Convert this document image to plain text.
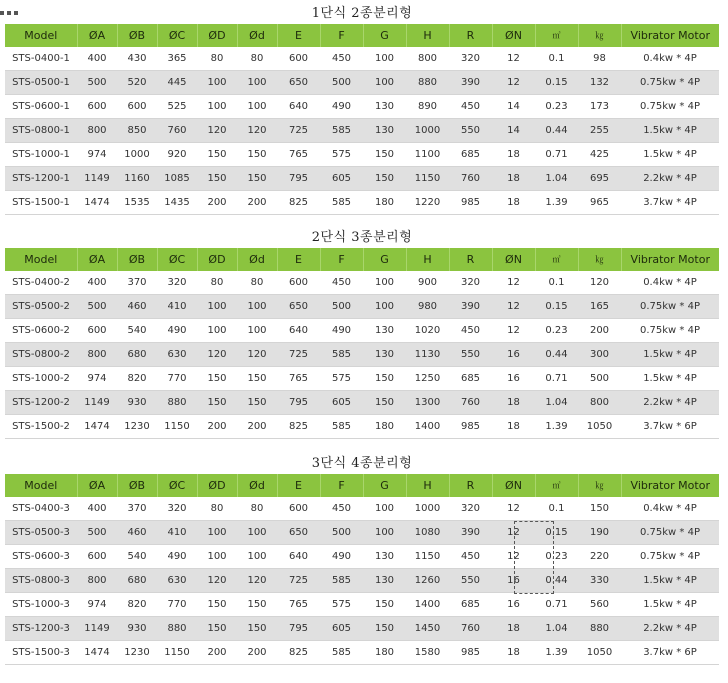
1단식 2종분리형
Model	ØA	ØB	ØC	ØD	Ød	E	F	G	H	R	ØN	㎥	㎏	Vibrator Motor
STS-0400-1	400	430	365	80	80	600	450	100	800	320	12	0.1	98	0.4kw * 4P
STS-0500-1	500	520	445	100	100	650	500	100	880	390	12	0.15	132	0.75kw * 4P
STS-0600-1	600	600	525	100	100	640	490	130	890	450	14	0.23	173	0.75kw * 4P
STS-0800-1	800	850	760	120	120	725	585	130	1000	550	14	0.44	255	1.5kw * 4P
STS-1000-1	974	1000	920	150	150	765	575	150	1100	685	18	0.71	425	1.5kw * 4P
STS-1200-1	1149	1160	1085	150	150	795	605	150	1150	760	18	1.04	695	2.2kw * 4P
STS-1500-1	1474	1535	1435	200	200	825	585	180	1220	985	18	1.39	965	3.7kw * 4P
2단식 3종분리형
Model	ØA	ØB	ØC	ØD	Ød	E	F	G	H	R	ØN	㎥	㎏	Vibrator Motor
STS-0400-2	400	370	320	80	80	600	450	100	900	320	12	0.1	120	0.4kw * 4P
STS-0500-2	500	460	410	100	100	650	500	100	980	390	12	0.15	165	0.75kw * 4P
STS-0600-2	600	540	490	100	100	640	490	130	1020	450	12	0.23	200	0.75kw * 4P
STS-0800-2	800	680	630	120	120	725	585	130	1130	550	16	0.44	300	1.5kw * 4P
STS-1000-2	974	820	770	150	150	765	575	150	1250	685	16	0.71	500	1.5kw * 4P
STS-1200-2	1149	930	880	150	150	795	605	150	1300	760	18	1.04	800	2.2kw * 4P
STS-1500-2	1474	1230	1150	200	200	825	585	180	1400	985	18	1.39	1050	3.7kw * 6P
3단식 4종분리형
Model	ØA	ØB	ØC	ØD	Ød	E	F	G	H	R	ØN	㎥	㎏	Vibrator Motor
STS-0400-3	400	370	320	80	80	600	450	100	1000	320	12	0.1	150	0.4kw * 4P
STS-0500-3	500	460	410	100	100	650	500	100	1080	390	12	0.15	190	0.75kw * 4P
STS-0600-3	600	540	490	100	100	640	490	130	1150	450	12	0.23	220	0.75kw * 4P
STS-0800-3	800	680	630	120	120	725	585	130	1260	550	16	0.44	330	1.5kw * 4P
STS-1000-3	974	820	770	150	150	765	575	150	1400	685	16	0.71	560	1.5kw * 4P
STS-1200-3	1149	930	880	150	150	795	605	150	1450	760	18	1.04	880	2.2kw * 4P
STS-1500-3	1474	1230	1150	200	200	825	585	180	1580	985	18	1.39	1050	3.7kw * 6P
